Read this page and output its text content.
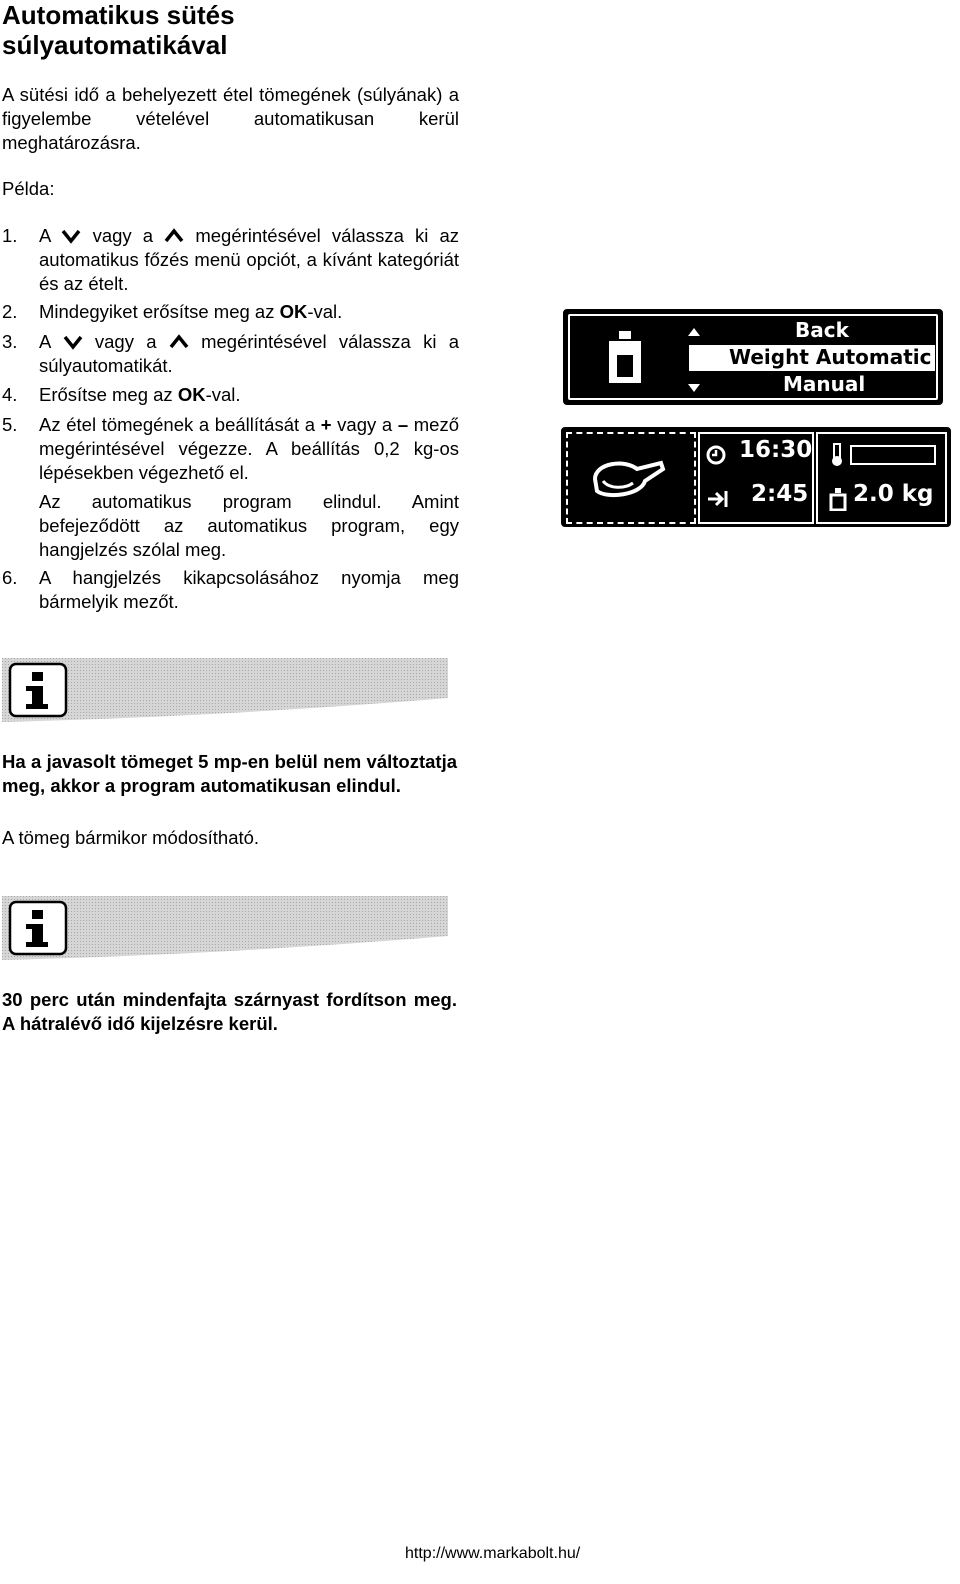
Automatikus sütés súlyautomatikával
A sütési idő a behelyezett étel tömegének (súlyának) a figyelembe vételével automatikusan kerül meghatározásra.
Példa:
1. A vagy a megérintésével válassza ki az automatikus főzés menü opciót, a kívánt kategóriát és az ételt.
2. Mindegyiket erősítse meg az OK-val.
3. A vagy a megérintésével válassza ki a súlyautomatikát.
4. Erősítse meg az OK-val.
5. Az étel tömegének a beállítását a + vagy a – mező megérintésével végezze. A beállítás 0,2 kg-os lépésekben végezhető el.
Az automatikus program elindul. Amint befejeződött az automatikus program, egy hangjelzés szólal meg.
6. A hangjelzés kikapcsolásához nyomja meg bármelyik mezőt.
Back
Weight Automatic
Manual
16:30
2:45 2.0 kg
Ha a javasolt tömeget 5 mp-en belül nem változtatja meg, akkor a program automatikusan elindul.
A tömeg bármikor módosítható.
30 perc után mindenfajta szárnyast fordítson meg. A hátralévő idő kijelzésre kerül.
http://www.markabolt.hu/
